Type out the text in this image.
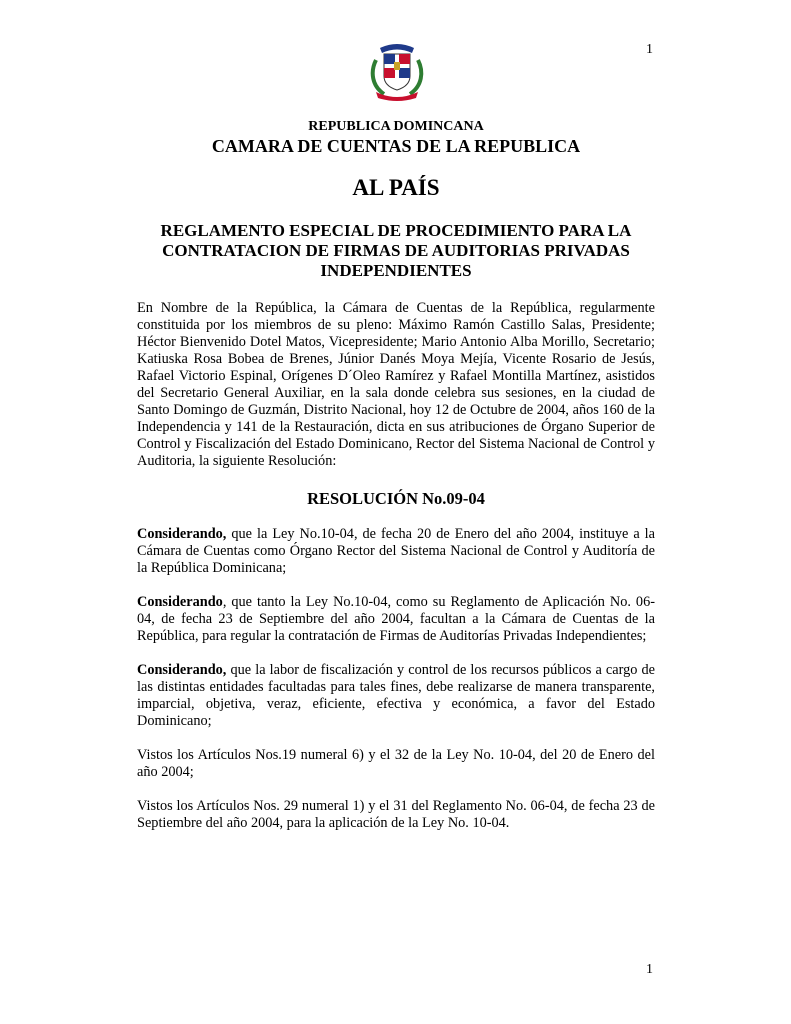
1

REPUBLICA DOMINCANA

CAMARA DE CUENTAS DE LA REPUBLICA

AL PAÍS

REGLAMENTO ESPECIAL DE PROCEDIMIENTO PARA LA CONTRATACION DE FIRMAS DE AUDITORIAS PRIVADAS INDEPENDIENTES

En Nombre de la República, la Cámara de Cuentas de la República, regularmente constituida por los miembros de su pleno: Máximo Ramón Castillo Salas, Presidente; Héctor Bienvenido Dotel Matos, Vicepresidente; Mario Antonio Alba Morillo, Secretario; Katiuska Rosa Bobea de Brenes, Júnior Danés Moya Mejía, Vicente Rosario de Jesús, Rafael Victorio Espinal, Orígenes D´Oleo Ramírez y Rafael Montilla Martínez, asistidos del Secretario General Auxiliar, en la sala donde celebra sus sesiones, en la ciudad de Santo Domingo de Guzmán, Distrito Nacional, hoy 12 de Octubre de 2004, años 160 de la Independencia y 141 de la Restauración, dicta en sus atribuciones de Órgano Superior de Control y Fiscalización del Estado Dominicano, Rector del Sistema Nacional de Control y Auditoria, la siguiente Resolución:

RESOLUCIÓN No.09-04

Considerando, que la Ley No.10-04, de fecha 20 de Enero del año 2004, instituye a la Cámara de Cuentas como Órgano Rector del Sistema Nacional de Control y Auditoría de la República Dominicana;

Considerando, que tanto la Ley No.10-04, como su Reglamento de Aplicación No. 06-04, de fecha 23 de Septiembre del año 2004, facultan a la Cámara de Cuentas de la República, para regular la contratación de Firmas de Auditorías Privadas Independientes;

Considerando, que la labor de fiscalización y control de los recursos públicos a cargo de las distintas entidades facultadas para tales fines, debe realizarse de manera transparente, imparcial, objetiva, veraz, eficiente, efectiva y económica, a favor del Estado Dominicano;

Vistos los Artículos Nos.19 numeral 6) y el 32 de la Ley No. 10-04, del 20 de Enero del año 2004;

Vistos los Artículos Nos. 29 numeral 1) y el 31 del Reglamento No. 06-04, de fecha 23 de Septiembre del año 2004, para la aplicación de la Ley No. 10-04.

1
